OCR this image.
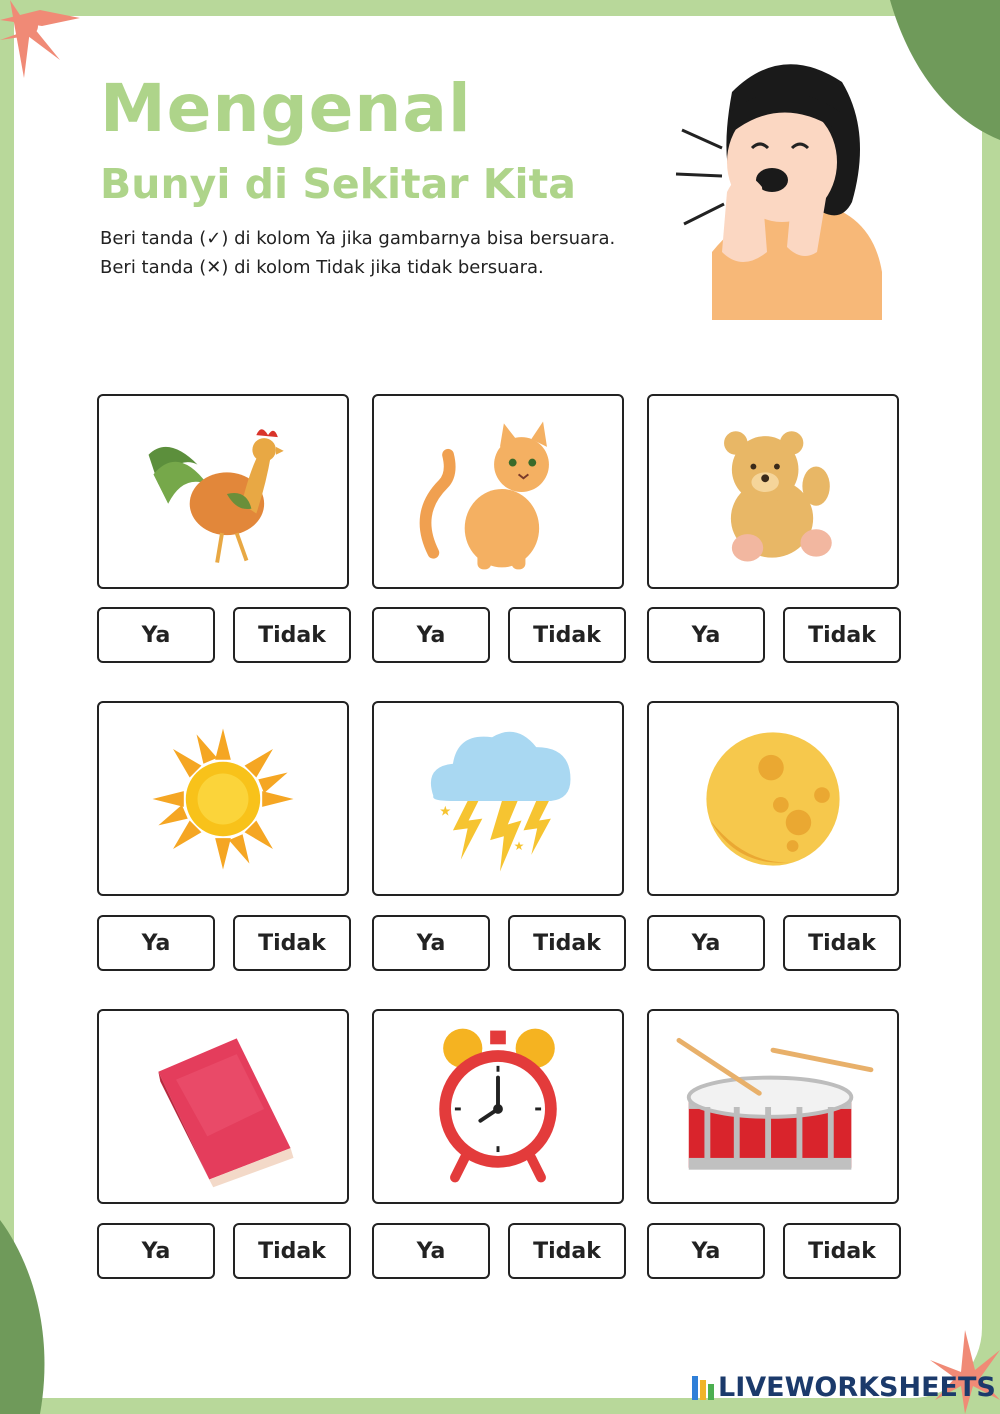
Mengenal
Bunyi di Sekitar Kita
Beri tanda (✓) di kolom Ya jika gambarnya bisa bersuara.
Beri tanda (✕) di kolom Tidak jika tidak bersuara.
Ya	Tidak	Ya	Tidak	Ya	Tidak
Ya	Tidak
★
★
Ya	Tidak	Ya	Tidak
Ya	Tidak	Ya	Tidak	Ya	Tidak
LIVEWORKSHEETS
